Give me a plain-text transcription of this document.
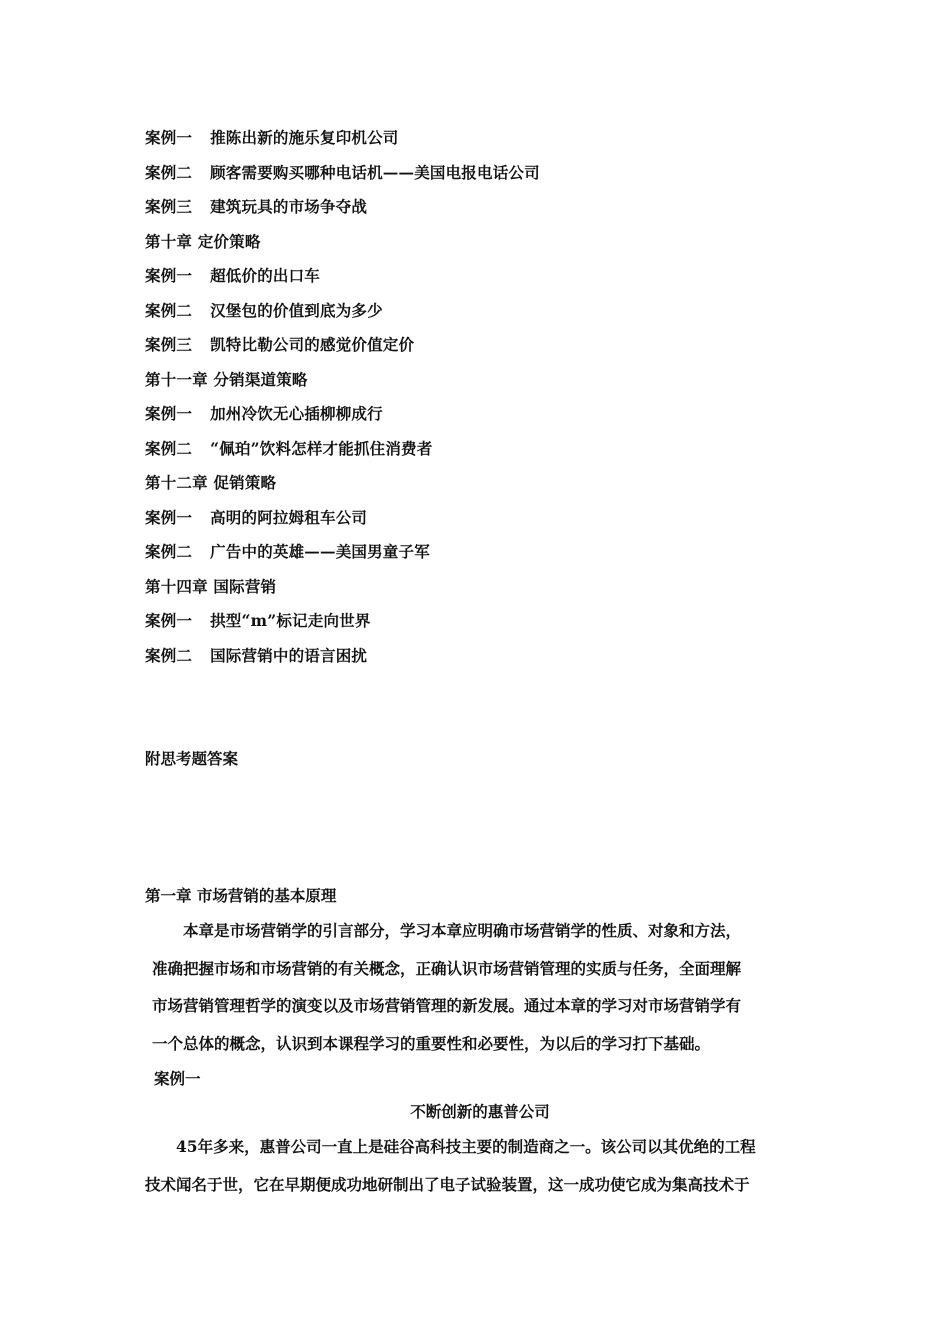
案例一 推陈出新的施乐复印机公司
案例二 顾客需要购买哪种电话机——美国电报电话公司
案例三 建筑玩具的市场争夺战
第十章 定价策略
案例一 超低价的出口车
案例二 汉堡包的价值到底为多少
案例三 凯特比勒公司的感觉价值定价
第十一章 分销渠道策略
案例一 加州冷饮无心插柳柳成行
案例二 “佩珀”饮料怎样才能抓住消费者
第十二章 促销策略
案例一 高明的阿拉姆租车公司
案例二 广告中的英雄——美国男童子军
第十四章 国际营销
案例一 拱型“m”标记走向世界
案例二 国际营销中的语言困扰
附思考题答案
第一章 市场营销的基本原理
　　本章是市场营销学的引言部分，学习本章应明确市场营销学的性质、对象和方法，
准确把握市场和市场营销的有关概念，正确认识市场营销管理的实质与任务，全面理解
市场营销管理哲学的演变以及市场营销管理的新发展。通过本章的学习对市场营销学有
一个总体的概念，认识到本课程学习的重要性和必要性，为以后的学习打下基础。
案例一
不断创新的惠普公司
　　45年多来，惠普公司一直上是硅谷高科技主要的制造商之一。该公司以其优绝的工程
技术闻名于世，它在早期便成功地研制出了电子试验装置，这一成功使它成为集高技术于
